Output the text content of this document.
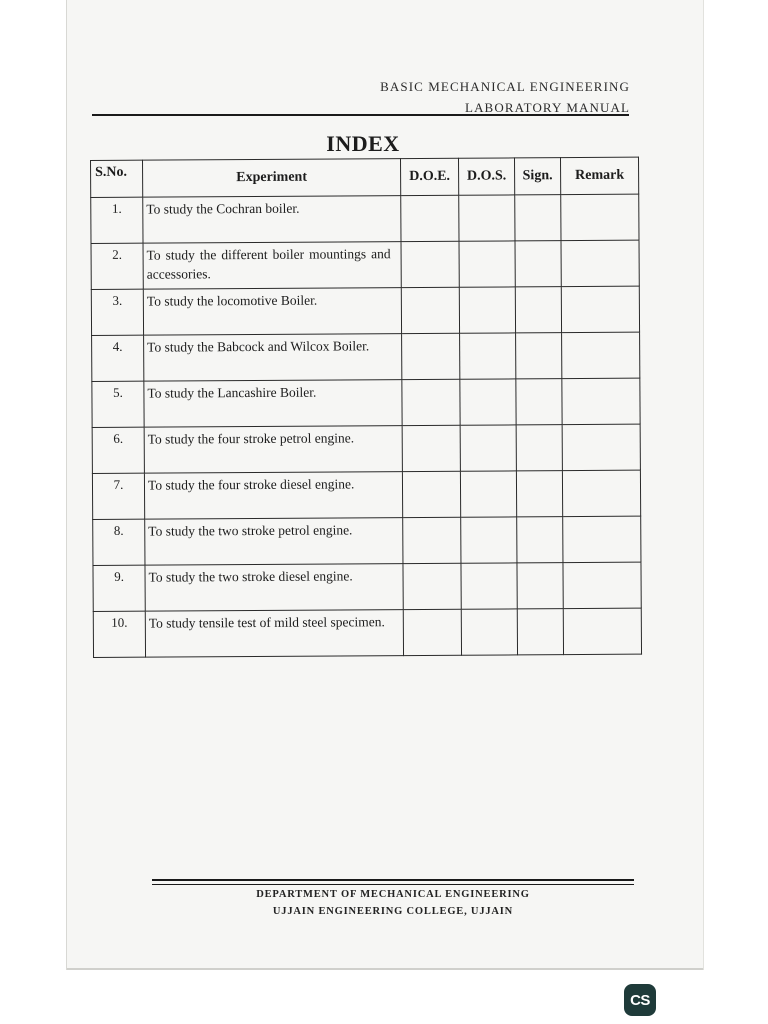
BASIC MECHANICAL ENGINEERING
LABORATORY MANUAL
INDEX
S.No.	Experiment	D.O.E.	D.O.S.	Sign.	Remark
1.	To study the Cochran boiler.				
2.	To study the different boiler mountings and accessories.				
3.	To study the locomotive Boiler.				
4.	To study the Babcock and Wilcox Boiler.				
5.	To study the Lancashire Boiler.				
6.	To study the four stroke petrol engine.				
7.	To study the four stroke diesel engine.				
8.	To study the two stroke petrol engine.				
9.	To study the two stroke diesel engine.				
10.	To study tensile test of mild steel specimen.				
DEPARTMENT OF MECHANICAL ENGINEERING
UJJAIN ENGINEERING COLLEGE, UJJAIN
CS
